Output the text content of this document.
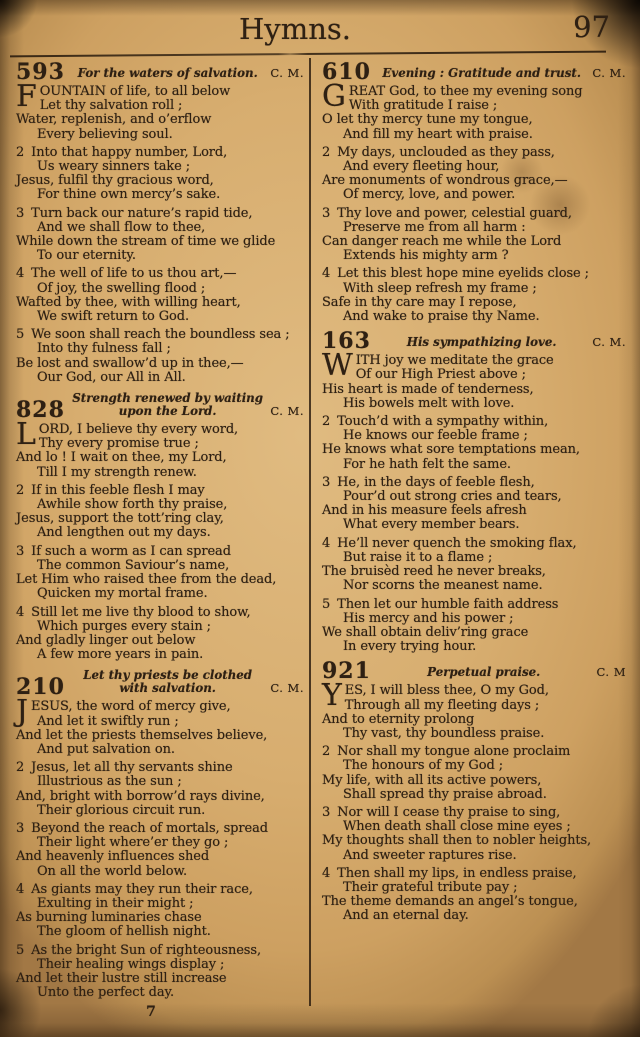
Hymns.	97
593	For the waters of salvation.	C. M.
FOUNTAIN of life, to all below
Let thy salvation roll ;
Water, replenish, and o’erflow
Every believing soul.
2 Into that happy number, Lord,
Us weary sinners take ;
Jesus, fulfil thy gracious word,
For thine own mercy’s sake.
3 Turn back our nature’s rapid tide,
And we shall flow to thee,
While down the stream of time we glide
To our eternity.
4 The well of life to us thou art,—
Of joy, the swelling flood ;
Wafted by thee, with willing heart,
We swift return to God.
5 We soon shall reach the boundless sea ;
Into thy fulness fall ;
Be lost and swallow’d up in thee,—
Our God, our All in All.
828 Strength renewed by waiting upon the Lord.	C. M.
LORD, I believe thy every word,
Thy every promise true ;
And lo ! I wait on thee, my Lord,
Till I my strength renew.
2 If in this feeble flesh I may
Awhile show forth thy praise,
Jesus, support the tott’ring clay,
And lengthen out my days.
3 If such a worm as I can spread
The common Saviour’s name,
Let Him who raised thee from the dead,
Quicken my mortal frame.
4 Still let me live thy blood to show,
Which purges every stain ;
And gladly linger out below
A few more years in pain.
210	Let thy priests be clothed with salvation.	C. M.
JESUS, the word of mercy give,
And let it swiftly run ;
And let the priests themselves believe,
And put salvation on.
2 Jesus, let all thy servants shine
Illustrious as the sun ;
And, bright with borrow’d rays divine,
Their glorious circuit run.
3 Beyond the reach of mortals, spread
Their light where’er they go ;
And heavenly influences shed
On all the world below.
4 As giants may they run their race,
Exulting in their might ;
As burning luminaries chase
The gloom of hellish night.
5 As the bright Sun of righteousness,
Their healing wings display ;
And let their lustre still increase
Unto the perfect day.
7
610 Evening : Gratitude and trust. C. M.
GREAT God, to thee my evening song
With gratitude I raise ;
O let thy mercy tune my tongue,
And fill my heart with praise.
2 My days, unclouded as they pass,
And every fleeting hour,
Are monuments of wondrous grace,—
Of mercy, love, and power.
3 Thy love and power, celestial guard,
Preserve me from all harm :
Can danger reach me while the Lord
Extends his mighty arm ?
4 Let this blest hope mine eyelids close ;
With sleep refresh my frame ;
Safe in thy care may I repose,
And wake to praise thy Name.
163	His sympathizing love.	C. M.
WITH joy we meditate the grace
Of our High Priest above ;
His heart is made of tenderness,
His bowels melt with love.
2 Touch’d with a sympathy within,
He knows our feeble frame ;
He knows what sore temptations mean,
For he hath felt the same.
3 He, in the days of feeble flesh,
Pour’d out strong cries and tears,
And in his measure feels afresh
What every member bears.
4 He’ll never quench the smoking flax,
But raise it to a flame ;
The bruisèd reed he never breaks,
Nor scorns the meanest name.
5 Then let our humble faith address
His mercy and his power ;
We shall obtain deliv’ring grace
In every trying hour.
921	Perpetual praise.	C. M
YES, I will bless thee, O my God,
Through all my fleeting days ;
And to eternity prolong
Thy vast, thy boundless praise.
2 Nor shall my tongue alone proclaim
The honours of my God ;
My life, with all its active powers,
Shall spread thy praise abroad.
3 Nor will I cease thy praise to sing,
When death shall close mine eyes ;
My thoughts shall then to nobler heights,
And sweeter raptures rise.
4 Then shall my lips, in endless praise,
Their grateful tribute pay ;
The theme demands an angel’s tongue,
And an eternal day.
